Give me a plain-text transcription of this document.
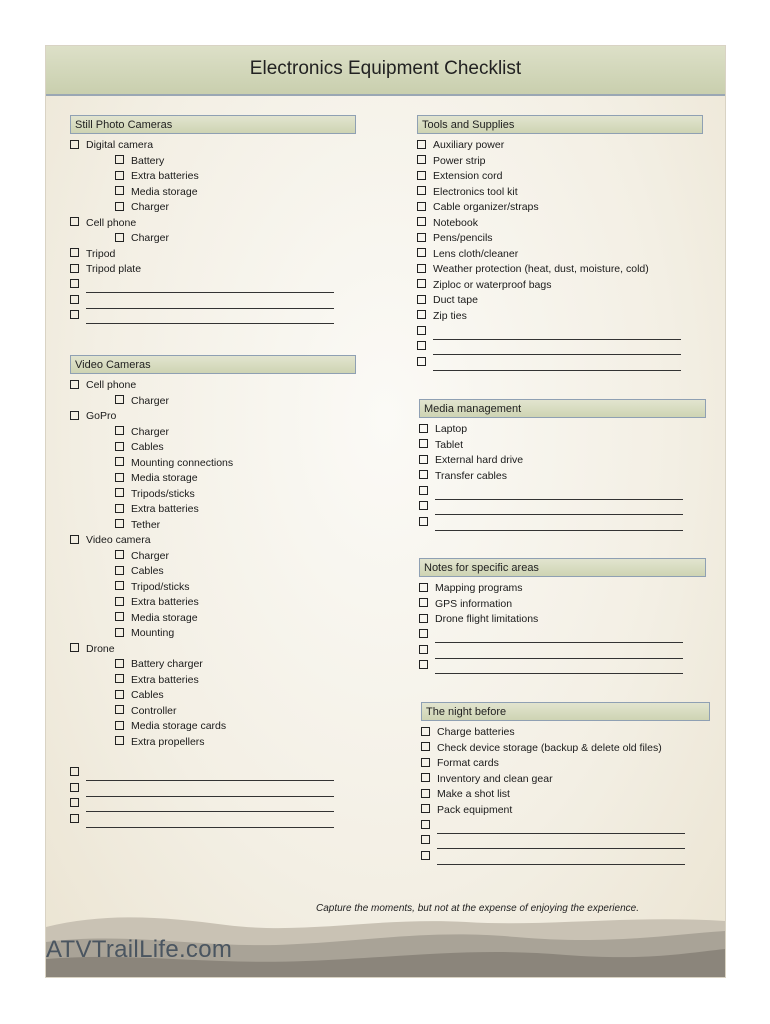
Electronics Equipment Checklist
Still Photo Cameras
Digital camera
Battery
Extra batteries
Media storage
Charger
Cell phone
Charger
Tripod
Tripod plate
Video Cameras
Cell phone
Charger
GoPro
Charger
Cables
Mounting connections
Media storage
Tripods/sticks
Extra batteries
Tether
Video camera
Charger
Cables
Tripod/sticks
Extra batteries
Media storage
Mounting
Drone
Battery charger
Extra batteries
Cables
Controller
Media storage cards
Extra propellers
Tools and Supplies
Auxiliary power
Power strip
Extension cord
Electronics tool kit
Cable organizer/straps
Notebook
Pens/pencils
Lens cloth/cleaner
Weather protection (heat, dust, moisture, cold)
Ziploc or waterproof bags
Duct tape
Zip ties
Media management
Laptop
Tablet
External hard drive
Transfer cables
Notes for specific areas
Mapping programs
GPS information
Drone flight limitations
The night before
Charge batteries
Check device storage (backup & delete old files)
Format cards
Inventory and clean gear
Make a shot list
Pack equipment
Capture the moments, but not at the expense of enjoying the experience.
ATVTrailLife.com
